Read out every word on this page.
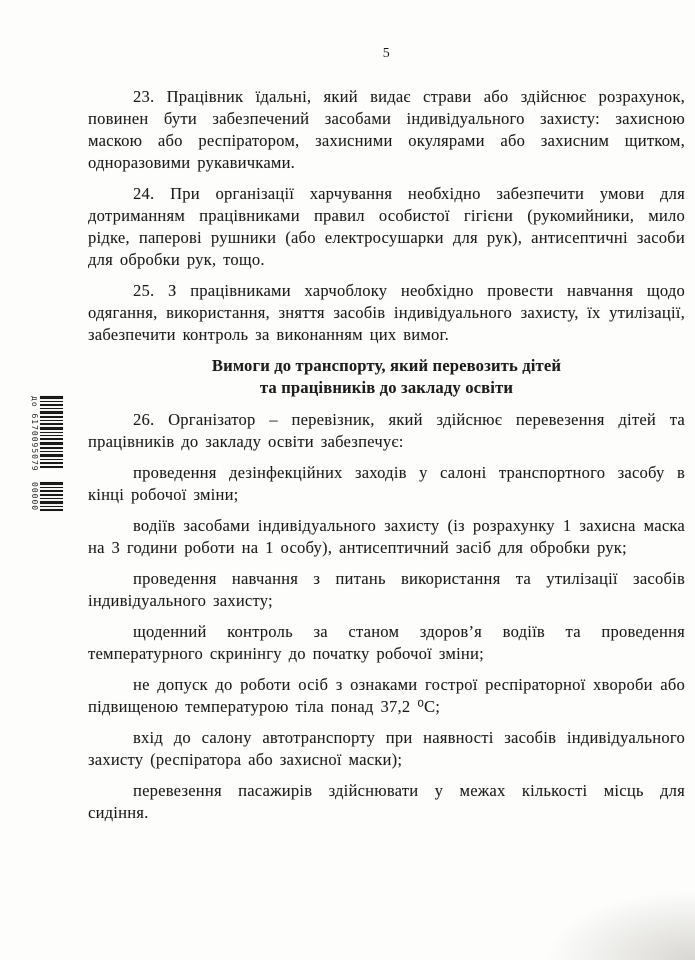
до 6170095079
00000
5

23. Працівник їдальні, який видає страви або здійснює розрахунок, повинен бути забезпечений засобами індивідуального захисту: захисною маскою або респіратором, захисними окулярами або захисним щитком, одноразовими рукавичками.

24. При організації харчування необхідно забезпечити умови для дотриманням працівниками правил особистої гігієни (рукомийники, мило рідке, паперові рушники (або електросушарки для рук), антисептичні засоби для обробки рук, тощо.

25. З працівниками харчоблоку необхідно провести навчання щодо одягання, використання, зняття засобів індивідуального захисту, їх утилізації, забезпечити контроль за виконанням цих вимог.

Вимоги до транспорту, який перевозить дітей
та працівників до закладу освіти

26. Організатор – перевізник, який здійснює перевезення дітей та працівників до закладу освіти забезпечує:

проведення дезінфекційних заходів у салоні транспортного засобу в кінці робочої зміни;

водіїв засобами індивідуального захисту (із розрахунку 1 захисна маска на 3 години роботи на 1 особу), антисептичний засіб для обробки рук;

проведення навчання з питань використання та утилізації засобів індивідуального захисту;

щоденний контроль за станом здоров’я водіїв та проведення температурного скринінгу до початку робочої зміни;

не допуск до роботи осіб з ознаками гострої респіраторної хвороби або підвищеною температурою тіла понад 37,2 ⁰С;

вхід до салону автотранспорту при наявності засобів індивідуального захисту (респіратора або захисної маски);

перевезення пасажирів здійснювати у межах кількості місць для сидіння.
